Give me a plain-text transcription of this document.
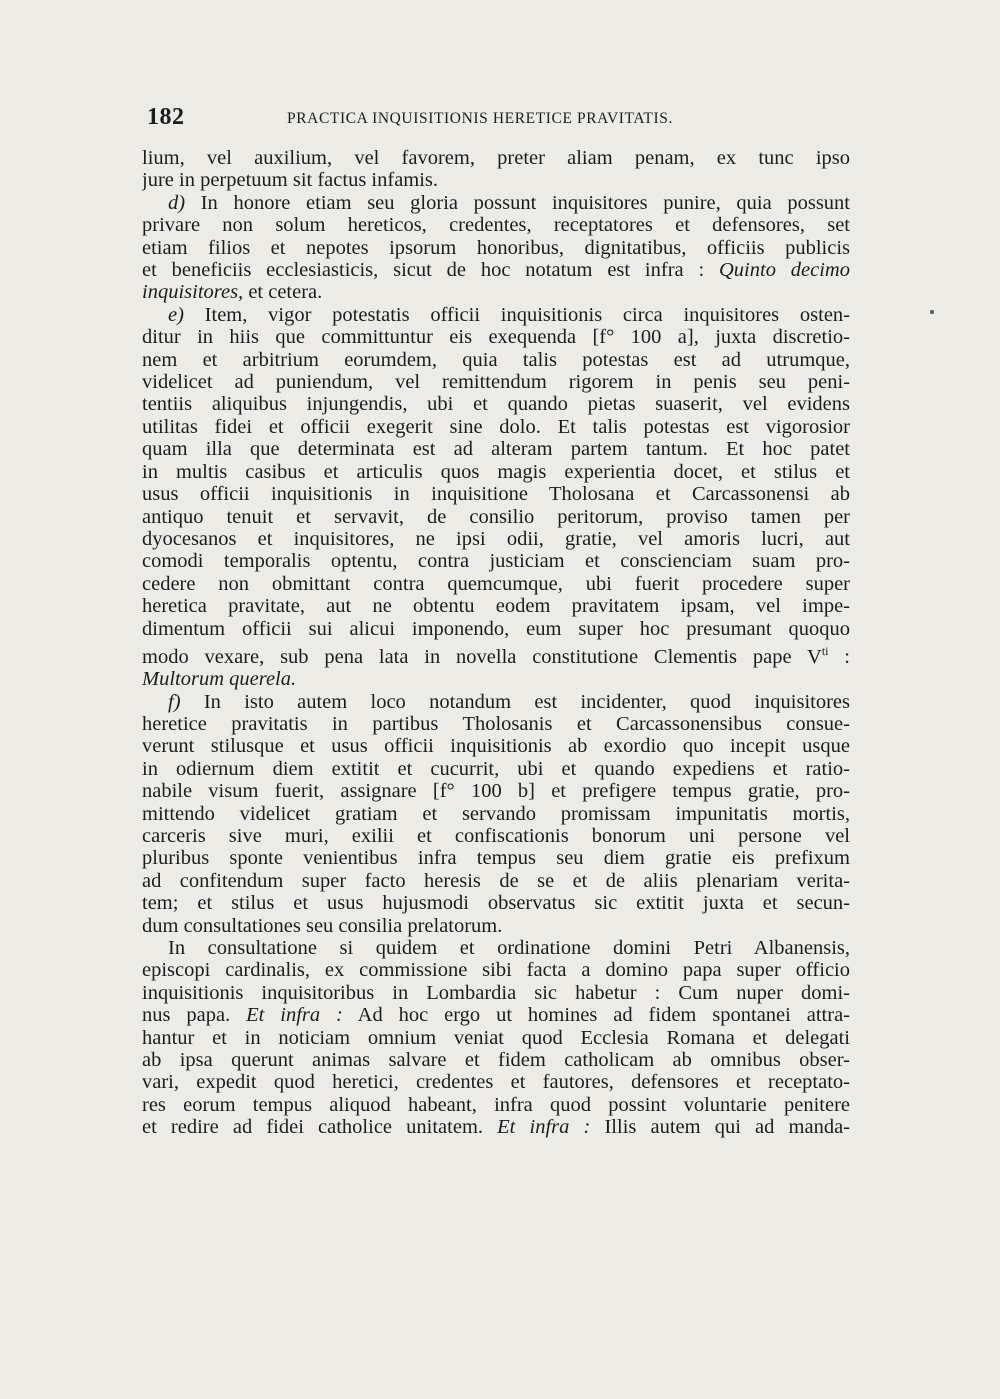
182	PRACTICA INQUISITIONIS HERETICE PRAVITATIS.
lium, vel auxilium, vel favorem, preter aliam penam, ex tunc ipso
jure in perpetuum sit factus infamis.
d) In honore etiam seu gloria possunt inquisitores punire, quia possunt
privare non solum hereticos, credentes, receptatores et defensores, set
etiam filios et nepotes ipsorum honoribus, dignitatibus, officiis publicis
et beneficiis ecclesiasticis, sicut de hoc notatum est infra : Quinto decimo
inquisitores, et cetera.
e) Item, vigor potestatis officii inquisitionis circa inquisitores osten-
ditur in hiis que committuntur eis exequenda [f° 100 a], juxta discretio-
nem et arbitrium eorumdem, quia talis potestas est ad utrumque,
videlicet ad puniendum, vel remittendum rigorem in penis seu peni-
tentiis aliquibus injungendis, ubi et quando pietas suaserit, vel evidens
utilitas fidei et officii exegerit sine dolo. Et talis potestas est vigorosior
quam illa que determinata est ad alteram partem tantum. Et hoc patet
in multis casibus et articulis quos magis experientia docet, et stilus et
usus officii inquisitionis in inquisitione Tholosana et Carcassonensi ab
antiquo tenuit et servavit, de consilio peritorum, proviso tamen per
dyocesanos et inquisitores, ne ipsi odii, gratie, vel amoris lucri, aut
comodi temporalis optentu, contra justiciam et conscienciam suam pro-
cedere non obmittant contra quemcumque, ubi fuerit procedere super
heretica pravitate, aut ne obtentu eodem pravitatem ipsam, vel impe-
dimentum officii sui alicui imponendo, eum super hoc presumant quoquo
modo vexare, sub pena lata in novella constitutione Clementis pape $V^{ti}$ :
Multorum querela.
f) In isto autem loco notandum est incidenter, quod inquisitores
heretice pravitatis in partibus Tholosanis et Carcassonensibus consue-
verunt stilusque et usus officii inquisitionis ab exordio quo incepit usque
in odiernum diem extitit et cucurrit, ubi et quando expediens et ratio-
nabile visum fuerit, assignare [f° 100 b] et prefigere tempus gratie, pro-
mittendo videlicet gratiam et servando promissam impunitatis mortis,
carceris sive muri, exilii et confiscationis bonorum uni persone vel
pluribus sponte venientibus infra tempus seu diem gratie eis prefixum
ad confitendum super facto heresis de se et de aliis plenariam verita-
tem; et stilus et usus hujusmodi observatus sic extitit juxta et secun-
dum consultationes seu consilia prelatorum.
In consultatione si quidem et ordinatione domini Petri Albanensis,
episcopi cardinalis, ex commissione sibi facta a domino papa super officio
inquisitionis inquisitoribus in Lombardia sic habetur : Cum nuper domi-
nus papa. Et infra : Ad hoc ergo ut homines ad fidem spontanei attra-
hantur et in noticiam omnium veniat quod Ecclesia Romana et delegati
ab ipsa querunt animas salvare et fidem catholicam ab omnibus obser-
vari, expedit quod heretici, credentes et fautores, defensores et receptato-
res eorum tempus aliquod habeant, infra quod possint voluntarie penitere
et redire ad fidei catholice unitatem. Et infra : Illis autem qui ad manda-
